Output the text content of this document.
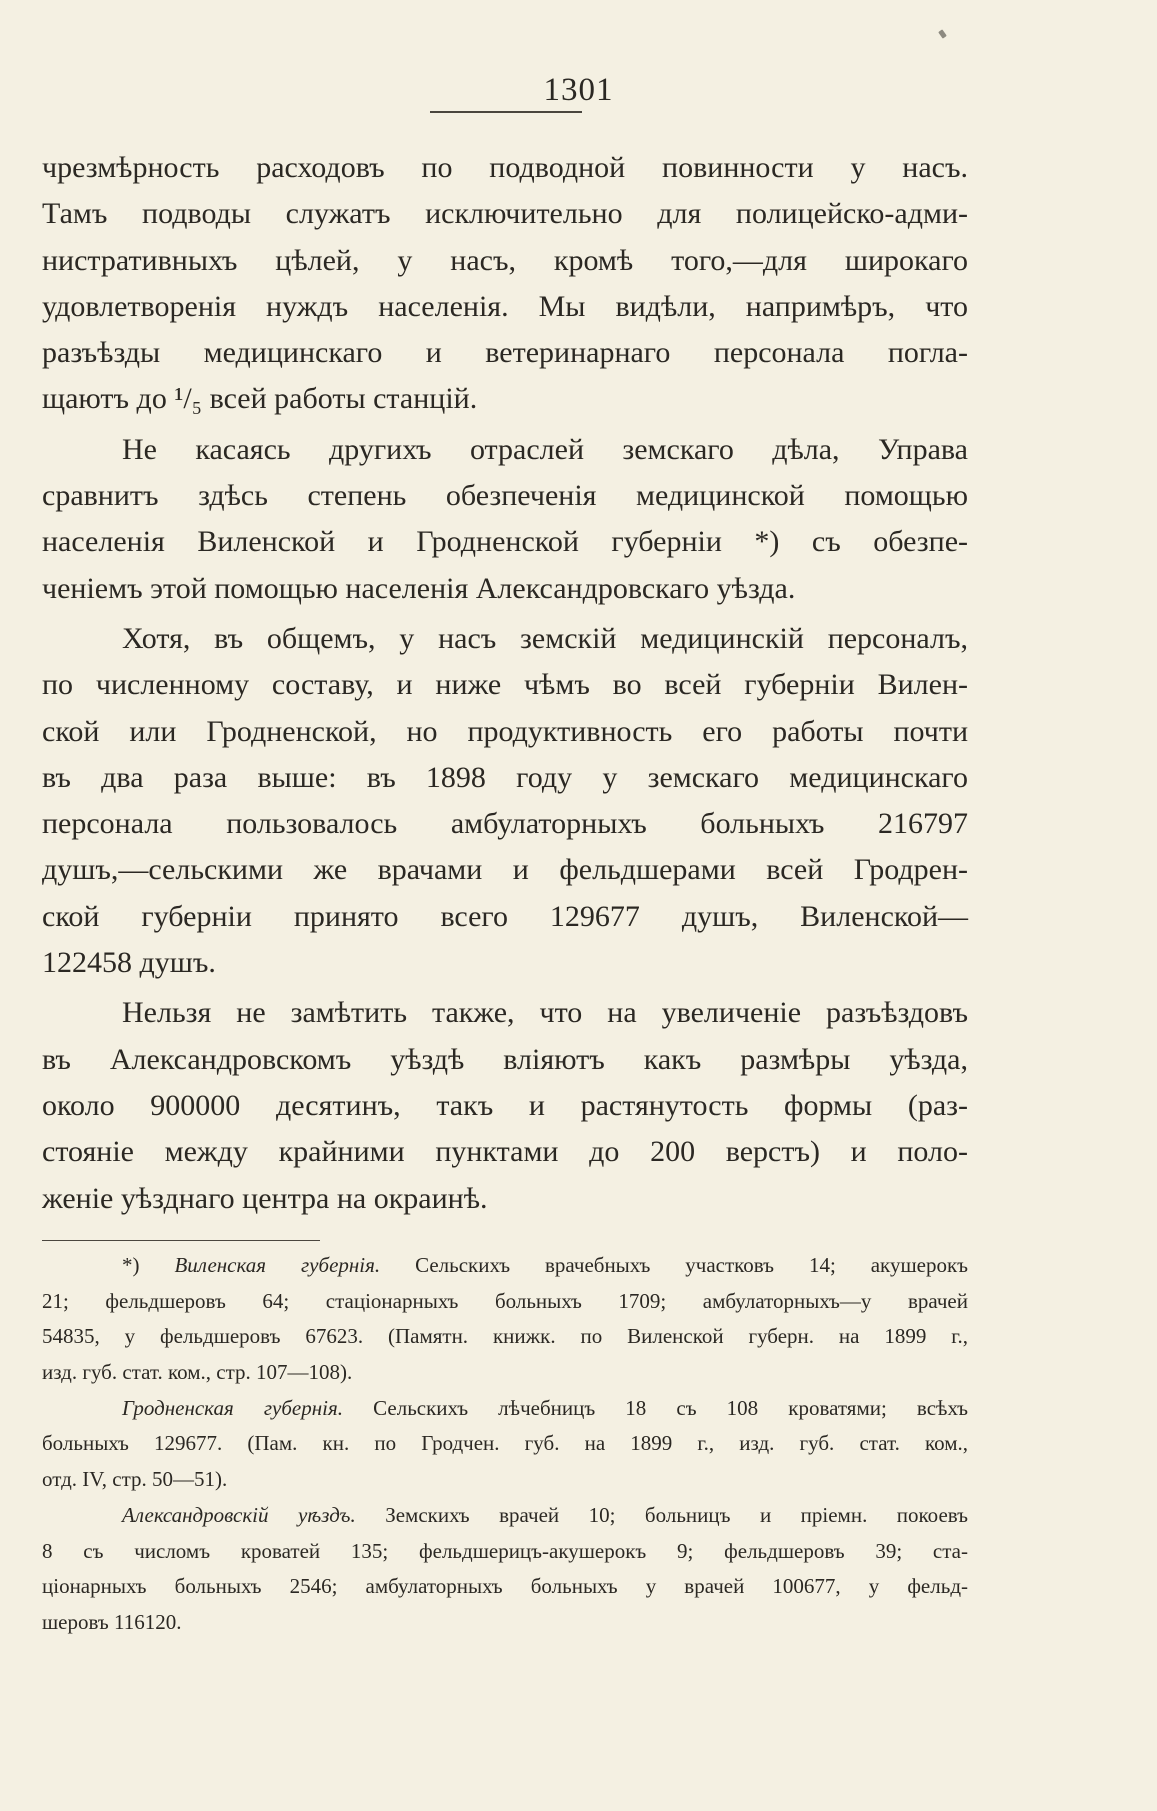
1301
чрезмѣрность расходовъ по подводной повинности у насъ.
Тамъ подводы служатъ исключительно для полицейско-адми-
нистративныхъ цѣлей, у насъ, кромѣ того,—для широкаго
удовлетворенія нуждъ населенія. Мы видѣли, напримѣръ, что
разъѣзды медицинскаго и ветеринарнаго персонала погла-
щаютъ до ¹/₅ всей работы станцій.
Не касаясь другихъ отраслей земскаго дѣла, Управа
сравнитъ здѣсь степень обезпеченія медицинской помощью
населенія Виленской и Гродненской губерніи *) съ обезпе-
ченіемъ этой помощью населенія Александровскаго уѣзда.
Хотя, въ общемъ, у насъ земскій медицинскій персоналъ,
по численному составу, и ниже чѣмъ во всей губерніи Вилен-
ской или Гродненской, но продуктивность его работы почти
въ два раза выше: въ 1898 году у земскаго медицинскаго
персонала пользовалось амбулаторныхъ больныхъ 216797
душъ,—сельскими же врачами и фельдшерами всей Гродрен-
ской губерніи принято всего 129677 душъ, Виленской—
122458 душъ.
Нельзя не замѣтить также, что на увеличеніе разъѣздовъ
въ Александровскомъ уѣздѣ вліяютъ какъ размѣры уѣзда,
около 900000 десятинъ, такъ и растянутость формы (раз-
стояніе между крайними пунктами до 200 верстъ) и поло-
женіе уѣзднаго центра на окраинѣ.
*) Виленская губернія. Сельскихъ врачебныхъ участковъ 14; акушерокъ
21; фельдшеровъ 64; стаціонарныхъ больныхъ 1709; амбулаторныхъ—у врачей
54835, у фельдшеровъ 67623. (Памятн. книжк. по Виленской губерн. на 1899 г.,
изд. губ. стат. ком., стр. 107—108).
Гродненская губернія. Сельскихъ лѣчебницъ 18 съ 108 кроватями; всѣхъ
больныхъ 129677. (Пам. кн. по Гродчен. губ. на 1899 г., изд. губ. стат. ком.,
отд. IV, стр. 50—51).
Александровскій уѣздъ. Земскихъ врачей 10; больницъ и пріемн. покоевъ
8 съ числомъ кроватей 135; фельдшерицъ-акушерокъ 9; фельдшеровъ 39; ста-
ціонарныхъ больныхъ 2546; амбулаторныхъ больныхъ у врачей 100677, у фельд-
шеровъ 116120.
